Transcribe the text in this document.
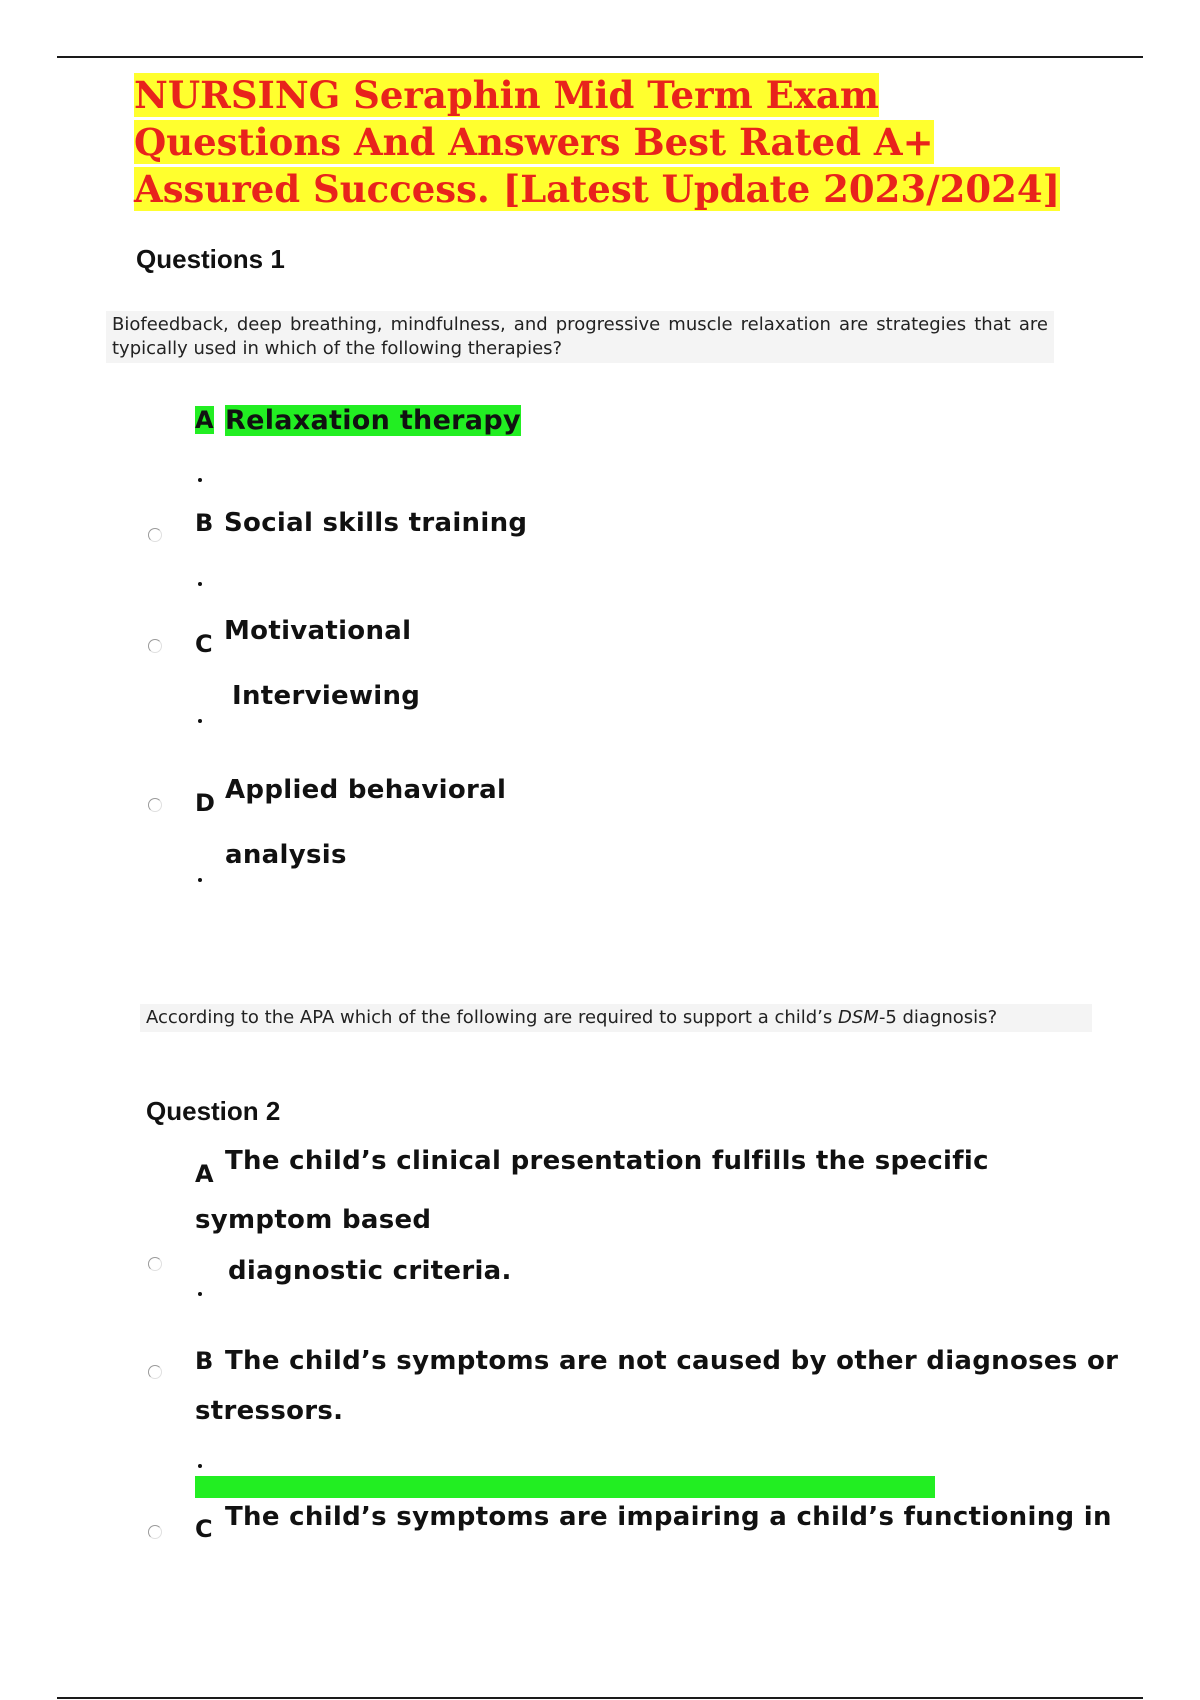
NURSING Seraphin Mid Term Exam Questions And Answers Best Rated A+ Assured Success. [Latest Update 2023/2024]
Questions 1
Biofeedback, deep breathing, mindfulness, and progressive muscle relaxation are strategies that are typically used in which of the following therapies?
A Relaxation therapy
B Social skills training
C Motivational
Interviewing
D Applied behavioral
analysis
According to the APA which of the following are required to support a child’s DSM-5 diagnosis?
Question 2
A The child’s clinical presentation fulfills the specific
symptom based
diagnostic criteria.
B The child’s symptoms are not caused by other diagnoses or
stressors.
C The child’s symptoms are impairing a child’s functioning in
